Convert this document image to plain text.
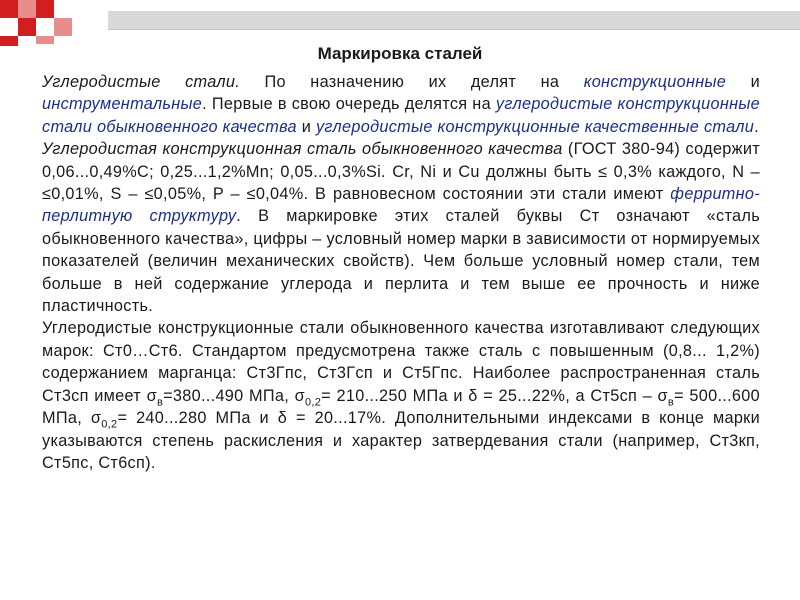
Маркировка сталей

Углеродистые стали. По назначению их делят на конструкционные и инструментальные. Первые в свою очередь делятся на углеродистые конструкционные стали обыкновенного качества и углеродистые конструкционные качественные стали.

Углеродистая конструкционная сталь обыкновенного качества (ГОСТ 380-94) содержит 0,06...0,49%С; 0,25...1,2%Mn; 0,05...0,3%Si. Cr, Ni и Cu должны быть ≤ 0,3% каждого, N – ≤0,01%, S – ≤0,05%, P – ≤0,04%. В равновесном состоянии эти стали имеют ферритно-перлитную структуру. В маркировке этих сталей буквы Ст означают «сталь обыкновенного качества», цифры – условный номер марки в зависимости от нормируемых показателей (величин механических свойств). Чем больше условный номер стали, тем больше в ней содержание углерода и перлита и тем выше ее прочность и ниже пластичность.

Углеродистые конструкционные стали обыкновенного качества изготавливают следующих марок: Ст0…Ст6. Стандартом предусмотрена также сталь с повышенным (0,8... 1,2%) содержанием марганца: Ст3Гпс, Ст3Гсп и Ст5Гпс. Наиболее распространенная сталь Ст3сп имеет $\sigma_в=380...490$ МПа, $\sigma_{0,2}= 210...250$ МПа и δ = 25...22%, а $Ст5сп - \sigma_в= 500...600$ МПа, $\sigma_{0,2}= 240...280$ МПа и δ = 20...17%. Дополнительными индексами в конце марки указываются степень раскисления и характер затвердевания стали (например, Ст3кп, Ст5пс, Ст6сп).
